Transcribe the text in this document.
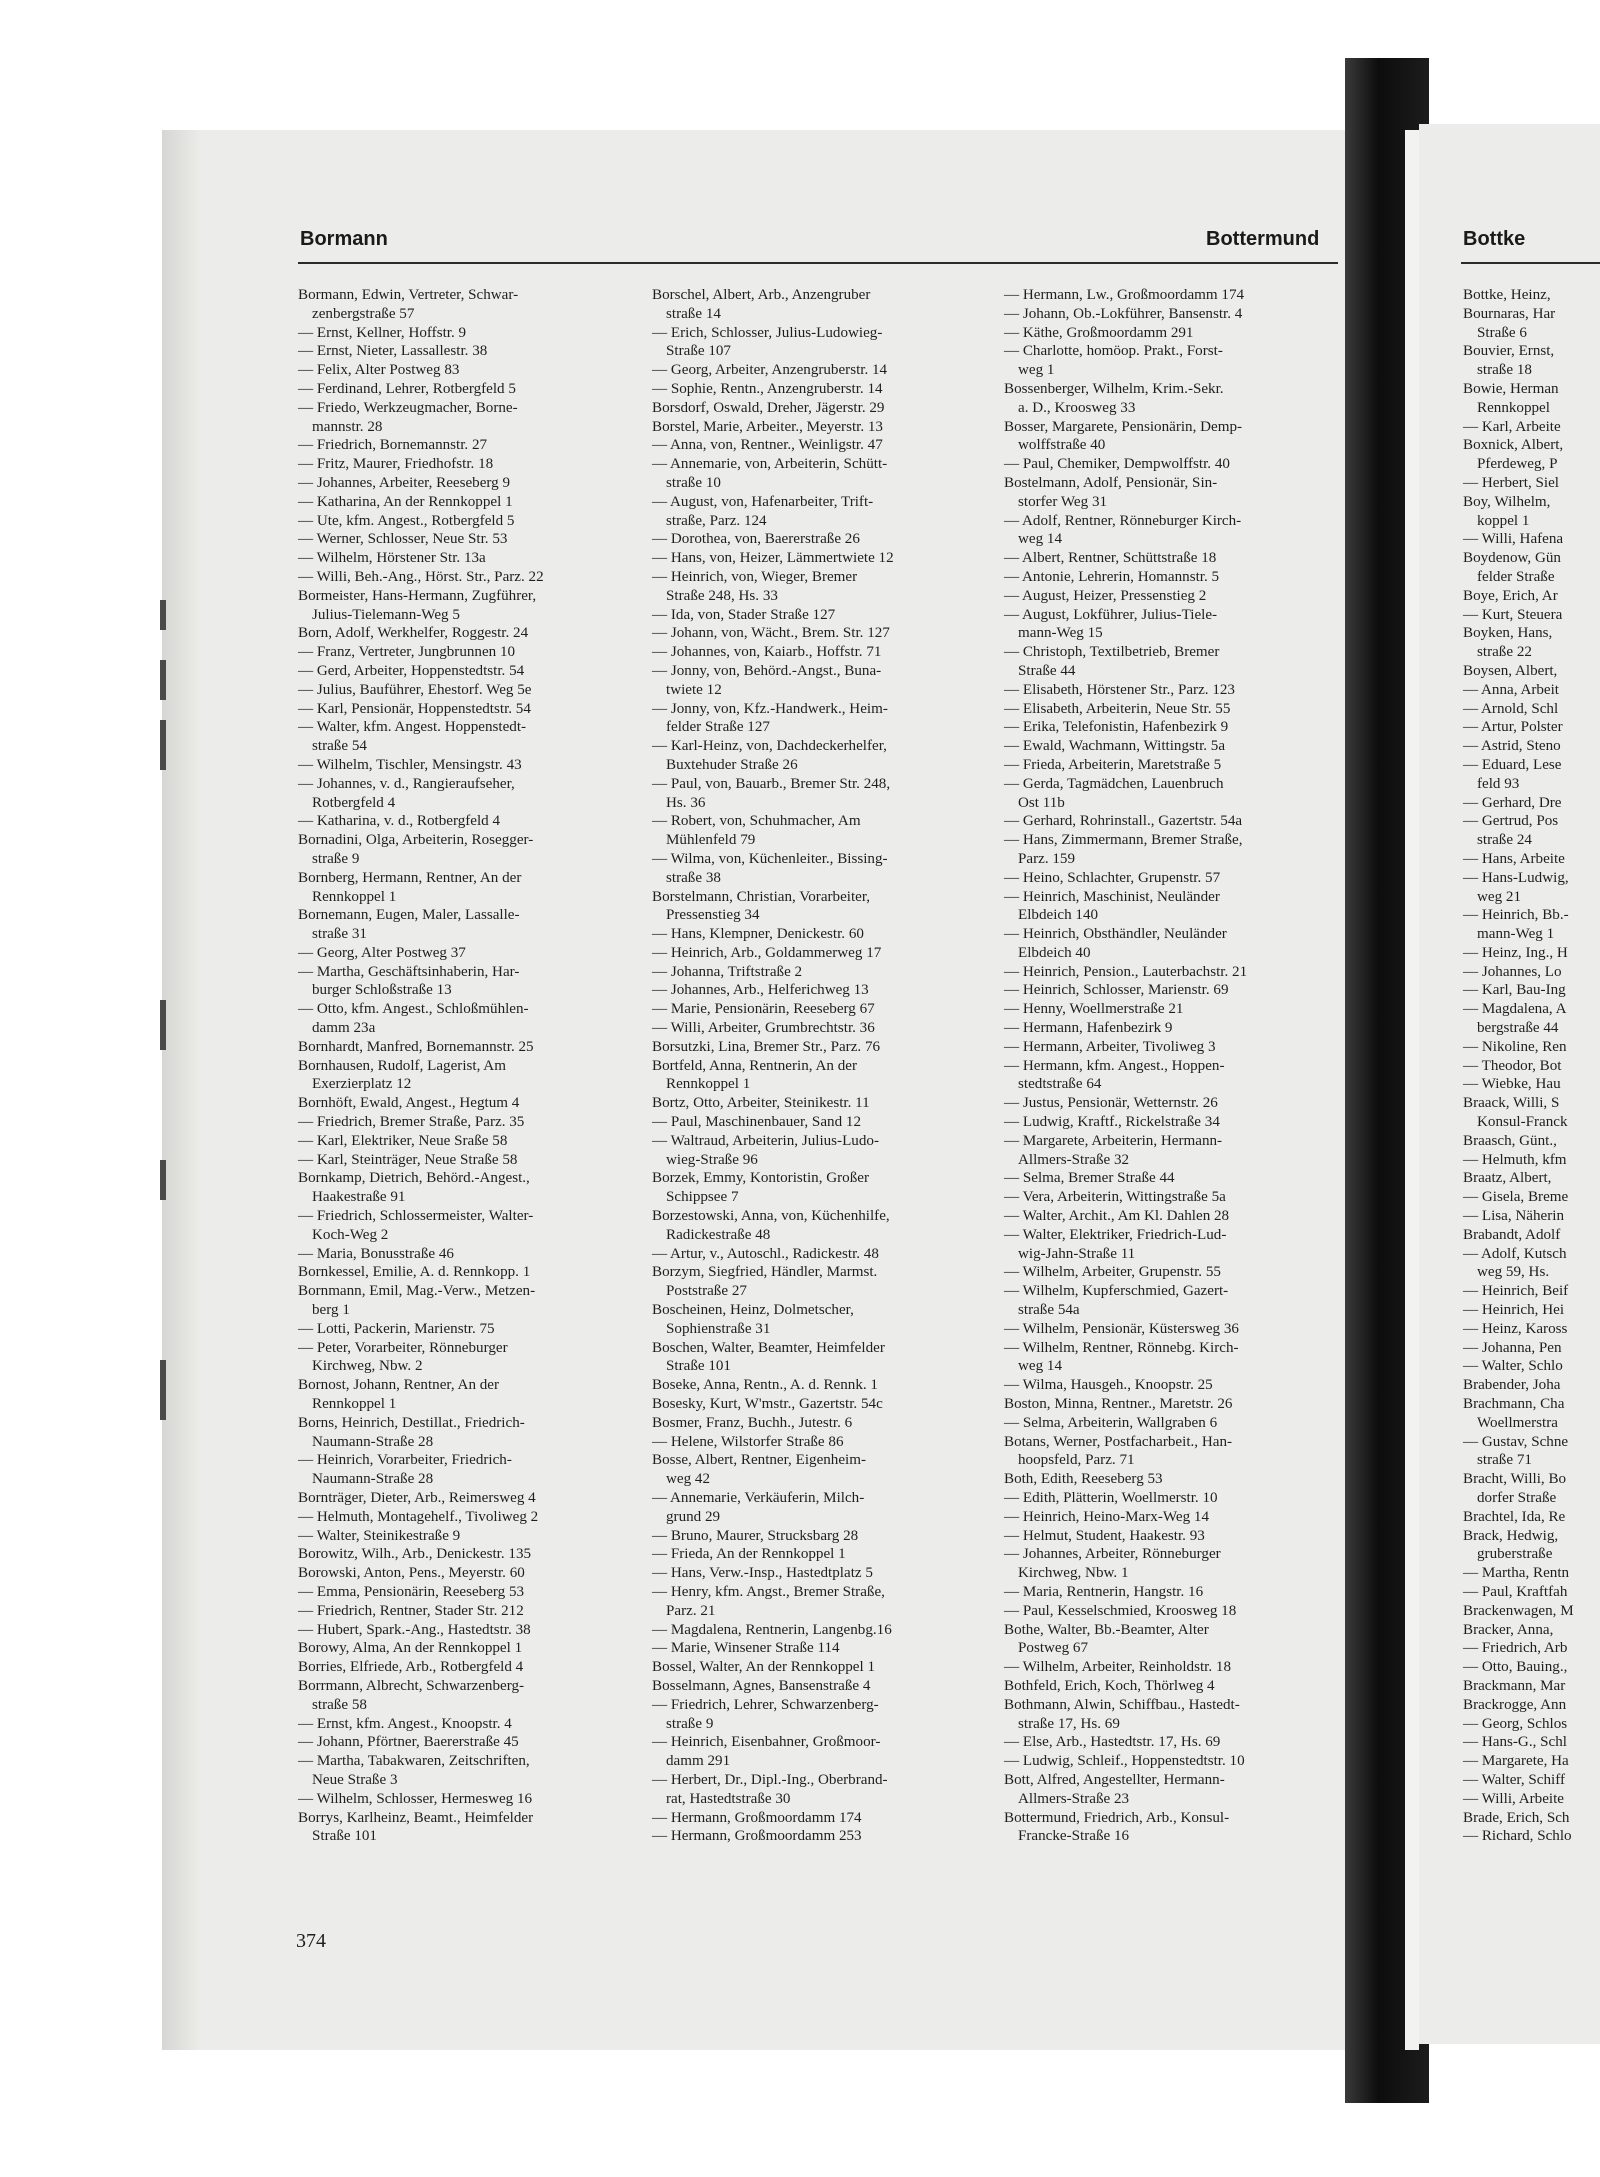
Bormann	Bottermund	Bottke
Bormann, Edwin, Vertreter, Schwar-
zenbergstraße 57
— Ernst, Kellner, Hoffstr. 9
— Ernst, Nieter, Lassallestr. 38
— Felix, Alter Postweg 83
— Ferdinand, Lehrer, Rotbergfeld 5
— Friedo, Werkzeugmacher, Borne-
mannstr. 28
— Friedrich, Bornemannstr. 27
— Fritz, Maurer, Friedhofstr. 18
— Johannes, Arbeiter, Reeseberg 9
— Katharina, An der Rennkoppel 1
— Ute, kfm. Angest., Rotbergfeld 5
— Werner, Schlosser, Neue Str. 53
— Wilhelm, Hörstener Str. 13a
— Willi, Beh.-Ang., Hörst. Str., Parz. 22
Bormeister, Hans-Hermann, Zugführer,
Julius-Tielemann-Weg 5
Born, Adolf, Werkhelfer, Roggestr. 24
— Franz, Vertreter, Jungbrunnen 10
— Gerd, Arbeiter, Hoppenstedtstr. 54
— Julius, Bauführer, Ehestorf. Weg 5e
— Karl, Pensionär, Hoppenstedtstr. 54
— Walter, kfm. Angest. Hoppenstedt-
straße 54
— Wilhelm, Tischler, Mensingstr. 43
— Johannes, v. d., Rangieraufseher,
Rotbergfeld 4
— Katharina, v. d., Rotbergfeld 4
Bornadini, Olga, Arbeiterin, Rosegger-
straße 9
Bornberg, Hermann, Rentner, An der
Rennkoppel 1
Bornemann, Eugen, Maler, Lassalle-
straße 31
— Georg, Alter Postweg 37
— Martha, Geschäftsinhaberin, Har-
burger Schloßstraße 13
— Otto, kfm. Angest., Schloßmühlen-
damm 23a
Bornhardt, Manfred, Bornemannstr. 25
Bornhausen, Rudolf, Lagerist, Am
Exerzierplatz 12
Bornhöft, Ewald, Angest., Hegtum 4
— Friedrich, Bremer Straße, Parz. 35
— Karl, Elektriker, Neue Sraße 58
— Karl, Steinträger, Neue Straße 58
Bornkamp, Dietrich, Behörd.-Angest.,
Haakestraße 91
— Friedrich, Schlossermeister, Walter-
Koch-Weg 2
— Maria, Bonusstraße 46
Bornkessel, Emilie, A. d. Rennkopp. 1
Bornmann, Emil, Mag.-Verw., Metzen-
berg 1
— Lotti, Packerin, Marienstr. 75
— Peter, Vorarbeiter, Rönneburger
Kirchweg, Nbw. 2
Bornost, Johann, Rentner, An der
Rennkoppel 1
Borns, Heinrich, Destillat., Friedrich-
Naumann-Straße 28
— Heinrich, Vorarbeiter, Friedrich-
Naumann-Straße 28
Bornträger, Dieter, Arb., Reimersweg 4
— Helmuth, Montagehelf., Tivoliweg 2
— Walter, Steinikestraße 9
Borowitz, Wilh., Arb., Denickestr. 135
Borowski, Anton, Pens., Meyerstr. 60
— Emma, Pensionärin, Reeseberg 53
— Friedrich, Rentner, Stader Str. 212
— Hubert, Spark.-Ang., Hastedtstr. 38
Borowy, Alma, An der Rennkoppel 1
Borries, Elfriede, Arb., Rotbergfeld 4
Borrmann, Albrecht, Schwarzenberg-
straße 58
— Ernst, kfm. Angest., Knoopstr. 4
— Johann, Pförtner, Baererstraße 45
— Martha, Tabakwaren, Zeitschriften,
Neue Straße 3
— Wilhelm, Schlosser, Hermesweg 16
Borrys, Karlheinz, Beamt., Heimfelder
Straße 101
Borschel, Albert, Arb., Anzengruber
straße 14
— Erich, Schlosser, Julius-Ludowieg-
Straße 107
— Georg, Arbeiter, Anzengruberstr. 14
— Sophie, Rentn., Anzengruberstr. 14
Borsdorf, Oswald, Dreher, Jägerstr. 29
Borstel, Marie, Arbeiter., Meyerstr. 13
— Anna, von, Rentner., Weinligstr. 47
— Annemarie, von, Arbeiterin, Schütt-
straße 10
— August, von, Hafenarbeiter, Trift-
straße, Parz. 124
— Dorothea, von, Baererstraße 26
— Hans, von, Heizer, Lämmertwiete 12
— Heinrich, von, Wieger, Bremer
Straße 248, Hs. 33
— Ida, von, Stader Straße 127
— Johann, von, Wächt., Brem. Str. 127
— Johannes, von, Kaiarb., Hoffstr. 71
— Jonny, von, Behörd.-Angst., Buna-
twiete 12
— Jonny, von, Kfz.-Handwerk., Heim-
felder Straße 127
— Karl-Heinz, von, Dachdeckerhelfer,
Buxtehuder Straße 26
— Paul, von, Bauarb., Bremer Str. 248,
Hs. 36
— Robert, von, Schuhmacher, Am
Mühlenfeld 79
— Wilma, von, Küchenleiter., Bissing-
straße 38
Borstelmann, Christian, Vorarbeiter,
Pressenstieg 34
— Hans, Klempner, Denickestr. 60
— Heinrich, Arb., Goldammerweg 17
— Johanna, Triftstraße 2
— Johannes, Arb., Helferichweg 13
— Marie, Pensionärin, Reeseberg 67
— Willi, Arbeiter, Grumbrechtstr. 36
Borsutzki, Lina, Bremer Str., Parz. 76
Bortfeld, Anna, Rentnerin, An der
Rennkoppel 1
Bortz, Otto, Arbeiter, Steinikestr. 11
— Paul, Maschinenbauer, Sand 12
— Waltraud, Arbeiterin, Julius-Ludo-
wieg-Straße 96
Borzek, Emmy, Kontoristin, Großer
Schippsee 7
Borzestowski, Anna, von, Küchenhilfe,
Radickestraße 48
— Artur, v., Autoschl., Radickestr. 48
Borzym, Siegfried, Händler, Marmst.
Poststraße 27
Boscheinen, Heinz, Dolmetscher,
Sophienstraße 31
Boschen, Walter, Beamter, Heimfelder
Straße 101
Boseke, Anna, Rentn., A. d. Rennk. 1
Bosesky, Kurt, W'mstr., Gazertstr. 54c
Bosmer, Franz, Buchh., Jutestr. 6
— Helene, Wilstorfer Straße 86
Bosse, Albert, Rentner, Eigenheim-
weg 42
— Annemarie, Verkäuferin, Milch-
grund 29
— Bruno, Maurer, Strucksbarg 28
— Frieda, An der Rennkoppel 1
— Hans, Verw.-Insp., Hastedtplatz 5
— Henry, kfm. Angst., Bremer Straße,
Parz. 21
— Magdalena, Rentnerin, Langenbg.16
— Marie, Winsener Straße 114
Bossel, Walter, An der Rennkoppel 1
Bosselmann, Agnes, Bansenstraße 4
— Friedrich, Lehrer, Schwarzenberg-
straße 9
— Heinrich, Eisenbahner, Großmoor-
damm 291
— Herbert, Dr., Dipl.-Ing., Oberbrand-
rat, Hastedtstraße 30
— Hermann, Großmoordamm 174
— Hermann, Großmoordamm 253
— Hermann, Lw., Großmoordamm 174
— Johann, Ob.-Lokführer, Bansenstr. 4
— Käthe, Großmoordamm 291
— Charlotte, homöop. Prakt., Forst-
weg 1
Bossenberger, Wilhelm, Krim.-Sekr.
a. D., Kroosweg 33
Bosser, Margarete, Pensionärin, Demp-
wolffstraße 40
— Paul, Chemiker, Dempwolffstr. 40
Bostelmann, Adolf, Pensionär, Sin-
storfer Weg 31
— Adolf, Rentner, Rönneburger Kirch-
weg 14
— Albert, Rentner, Schüttstraße 18
— Antonie, Lehrerin, Homannstr. 5
— August, Heizer, Pressenstieg 2
— August, Lokführer, Julius-Tiele-
mann-Weg 15
— Christoph, Textilbetrieb, Bremer
Straße 44
— Elisabeth, Hörstener Str., Parz. 123
— Elisabeth, Arbeiterin, Neue Str. 55
— Erika, Telefonistin, Hafenbezirk 9
— Ewald, Wachmann, Wittingstr. 5a
— Frieda, Arbeiterin, Maretstraße 5
— Gerda, Tagmädchen, Lauenbruch
Ost 11b
— Gerhard, Rohrinstall., Gazertstr. 54a
— Hans, Zimmermann, Bremer Straße,
Parz. 159
— Heino, Schlachter, Grupenstr. 57
— Heinrich, Maschinist, Neuländer
Elbdeich 140
— Heinrich, Obsthändler, Neuländer
Elbdeich 40
— Heinrich, Pension., Lauterbachstr. 21
— Heinrich, Schlosser, Marienstr. 69
— Henny, Woellmerstraße 21
— Hermann, Hafenbezirk 9
— Hermann, Arbeiter, Tivoliweg 3
— Hermann, kfm. Angest., Hoppen-
stedtstraße 64
— Justus, Pensionär, Wetternstr. 26
— Ludwig, Kraftf., Rickelstraße 34
— Margarete, Arbeiterin, Hermann-
Allmers-Straße 32
— Selma, Bremer Straße 44
— Vera, Arbeiterin, Wittingstraße 5a
— Walter, Archit., Am Kl. Dahlen 28
— Walter, Elektriker, Friedrich-Lud-
wig-Jahn-Straße 11
— Wilhelm, Arbeiter, Grupenstr. 55
— Wilhelm, Kupferschmied, Gazert-
straße 54a
— Wilhelm, Pensionär, Küstersweg 36
— Wilhelm, Rentner, Rönnebg. Kirch-
weg 14
— Wilma, Hausgeh., Knoopstr. 25
Boston, Minna, Rentner., Maretstr. 26
— Selma, Arbeiterin, Wallgraben 6
Botans, Werner, Postfacharbeit., Han-
hoopsfeld, Parz. 71
Both, Edith, Reeseberg 53
— Edith, Plätterin, Woellmerstr. 10
— Heinrich, Heino-Marx-Weg 14
— Helmut, Student, Haakestr. 93
— Johannes, Arbeiter, Rönneburger
Kirchweg, Nbw. 1
— Maria, Rentnerin, Hangstr. 16
— Paul, Kesselschmied, Kroosweg 18
Bothe, Walter, Bb.-Beamter, Alter
Postweg 67
— Wilhelm, Arbeiter, Reinholdstr. 18
Bothfeld, Erich, Koch, Thörlweg 4
Bothmann, Alwin, Schiffbau., Hastedt-
straße 17, Hs. 69
— Else, Arb., Hastedtstr. 17, Hs. 69
— Ludwig, Schleif., Hoppenstedtstr. 10
Bott, Alfred, Angestellter, Hermann-
Allmers-Straße 23
Bottermund, Friedrich, Arb., Konsul-
Francke-Straße 16
Bottke, Heinz,
Bournaras, Har
Straße 6
Bouvier, Ernst,
straße 18
Bowie, Herman
Rennkoppel
— Karl, Arbeite
Boxnick, Albert,
Pferdeweg, P
— Herbert, Siel
Boy, Wilhelm,
koppel 1
— Willi, Hafena
Boydenow, Gün
felder Straße
Boye, Erich, Ar
— Kurt, Steuera
Boyken, Hans,
straße 22
Boysen, Albert,
— Anna, Arbeit
— Arnold, Schl
— Artur, Polster
— Astrid, Steno
— Eduard, Lese
feld 93
— Gerhard, Dre
— Gertrud, Pos
straße 24
— Hans, Arbeite
— Hans-Ludwig,
weg 21
— Heinrich, Bb.-
mann-Weg 1
— Heinz, Ing., H
— Johannes, Lo
— Karl, Bau-Ing
— Magdalena, A
bergstraße 44
— Nikoline, Ren
— Theodor, Bot
— Wiebke, Hau
Braack, Willi, S
Konsul-Franck
Braasch, Günt.,
— Helmuth, kfm
Braatz, Albert,
— Gisela, Breme
— Lisa, Näherin
Brabandt, Adolf
— Adolf, Kutsch
weg 59, Hs.
— Heinrich, Beif
— Heinrich, Hei
— Heinz, Kaross
— Johanna, Pen
— Walter, Schlo
Brabender, Joha
Brachmann, Cha
Woellmerstra
— Gustav, Schne
straße 71
Bracht, Willi, Bo
dorfer Straße
Brachtel, Ida, Re
Brack, Hedwig,
gruberstraße
— Martha, Rentn
— Paul, Kraftfah
Brackenwagen, M
Bracker, Anna,
— Friedrich, Arb
— Otto, Bauing.,
Brackmann, Mar
Brackrogge, Ann
— Georg, Schlos
— Hans-G., Schl
— Margarete, Ha
— Walter, Schiff
— Willi, Arbeite
Brade, Erich, Sch
— Richard, Schlo
374
